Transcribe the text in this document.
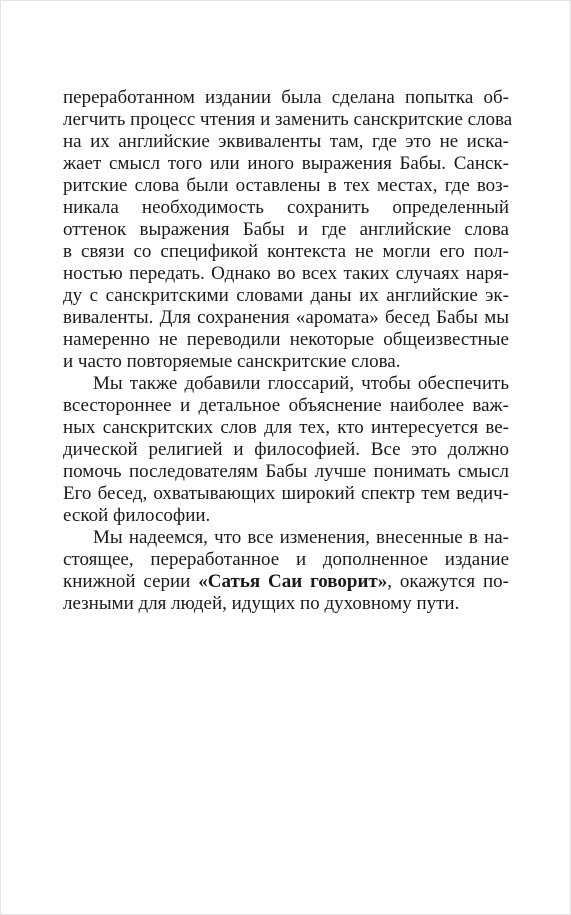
переработанном издании была сделана попытка об-
легчить процесс чтения и заменить санскритские слова
на их английские эквиваленты там, где это не иска-
жает смысл того или иного выражения Бабы. Санск-
ритские слова были оставлены в тех местах, где воз-
никала необходимость сохранить определенный
оттенок выражения Бабы и где английские слова
в связи со спецификой контекста не могли его пол-
ностью передать. Однако во всех таких случаях наря-
ду с санскритскими словами даны их английские эк-
виваленты. Для сохранения «аромата» бесед Бабы мы
намеренно не переводили некоторые общеизвестные
и часто повторяемые санскритские слова.

Мы также добавили глоссарий, чтобы обеспечить
всестороннее и детальное объяснение наиболее важ-
ных санскритских слов для тех, кто интересуется ве-
дической религией и философией. Все это должно
помочь последователям Бабы лучше понимать смысл
Его бесед, охватывающих широкий спектр тем ведич-
еской философии.

Мы надеемся, что все изменения, внесенные в на-
стоящее, переработанное и дополненное издание
книжной серии «Сатья Саи говорит», окажутся по-
лезными для людей, идущих по духовному пути.
